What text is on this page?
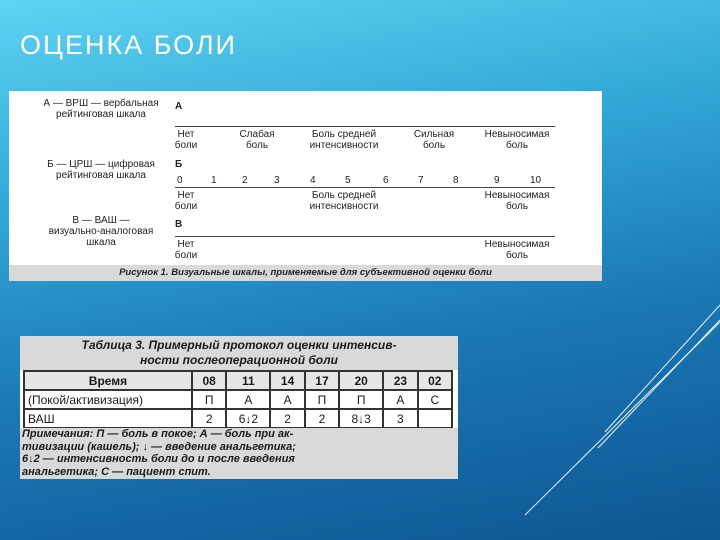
ОЦЕНКА БОЛИ
А — ВРШ — вербальная
рейтинговая шкала
А
Нет
боли
Слабая
боль
Боль средней
интенсивности
Сильная
боль
Невыносимая
боль
Б — ЦРШ — цифровая
рейтинговая шкала
Б
0	1	2	3	4	5	6	7	8	9	10
Нет
боли
Боль средней
интенсивности
Невыносимая
боль
В — ВАШ —
визуально-аналоговая
шкала
В
Нет
боли
Невыносимая
боль
Рисунок 1. Визуальные шкалы, применяемые для субъективной оценки боли
Таблица 3. Примерный протокол оценки интенсив-
ности послеоперационной боли
Время	08	11	14	17	20	23	02
(Покой/активизация)	П	А	А	П	П	А	С
ВАШ	2	6↓2	2	2	8↓3	3	
Примечания: П — боль в покое; А — боль при ак-
тивизации (кашель); ↓ — введение анальгетика;
6↓2 — интенсивность боли до и после введения
анальгетика; С — пациент спит.
